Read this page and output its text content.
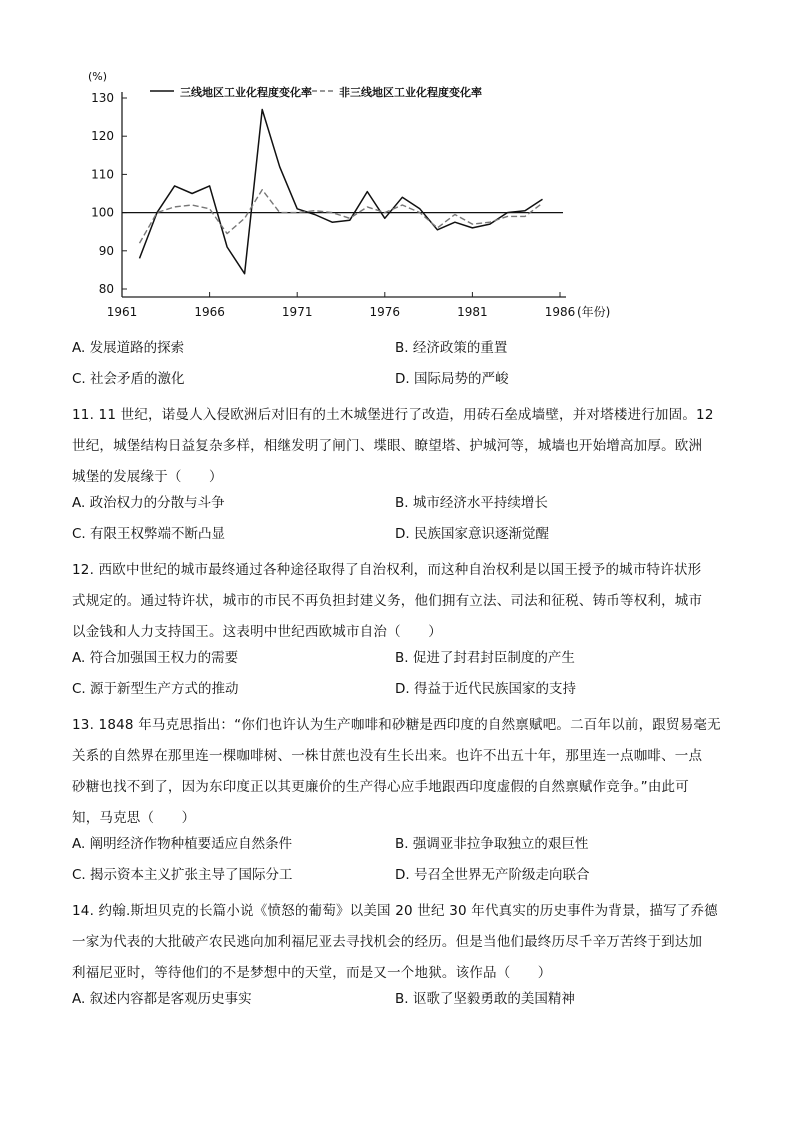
80
90
100
110
120
130
(%)
1961	1966	1971	1976	1981	1986 (年份)
三线地区工业化程度变化率 非三线地区工业化程度变化率
A. 发展道路的探索	B. 经济政策的重置
C. 社会矛盾的激化	D. 国际局势的严峻

11. 11 世纪，诺曼人入侵欧洲后对旧有的土木城堡进行了改造，用砖石垒成墙壁，并对塔楼进行加固。12
世纪，城堡结构日益复杂多样，相继发明了闸门、堞眼、瞭望塔、护城河等，城墙也开始增高加厚。欧洲
城堡的发展缘于（　　）

A. 政治权力的分散与斗争	B. 城市经济水平持续增长
C. 有限王权弊端不断凸显	D. 民族国家意识逐渐觉醒

12. 西欧中世纪的城市最终通过各种途径取得了自治权利，而这种自治权利是以国王授予的城市特许状形
式规定的。通过特许状，城市的市民不再负担封建义务，他们拥有立法、司法和征税、铸币等权利，城市
以金钱和人力支持国王。这表明中世纪西欧城市自治（　　）

A. 符合加强国王权力的需要	B. 促进了封君封臣制度的产生
C. 源于新型生产方式的推动	D. 得益于近代民族国家的支持

13. 1848 年马克思指出：“你们也许认为生产咖啡和砂糖是西印度的自然禀赋吧。二百年以前，跟贸易毫无
关系的自然界在那里连一棵咖啡树、一株甘蔗也没有生长出来。也许不出五十年，那里连一点咖啡、一点
砂糖也找不到了，因为东印度正以其更廉价的生产得心应手地跟西印度虚假的自然禀赋作竞争。”由此可
知，马克思（　　）

A. 阐明经济作物种植要适应自然条件	B. 强调亚非拉争取独立的艰巨性
C. 揭示资本主义扩张主导了国际分工	D. 号召全世界无产阶级走向联合

14. 约翰.斯坦贝克的长篇小说《愤怒的葡萄》以美国 20 世纪 30 年代真实的历史事件为背景，描写了乔德
一家为代表的大批破产农民逃向加利福尼亚去寻找机会的经历。但是当他们最终历尽千辛万苦终于到达加
利福尼亚时，等待他们的不是梦想中的天堂，而是又一个地狱。该作品（　　）

A. 叙述内容都是客观历史事实	B. 讴歌了坚毅勇敢的美国精神
